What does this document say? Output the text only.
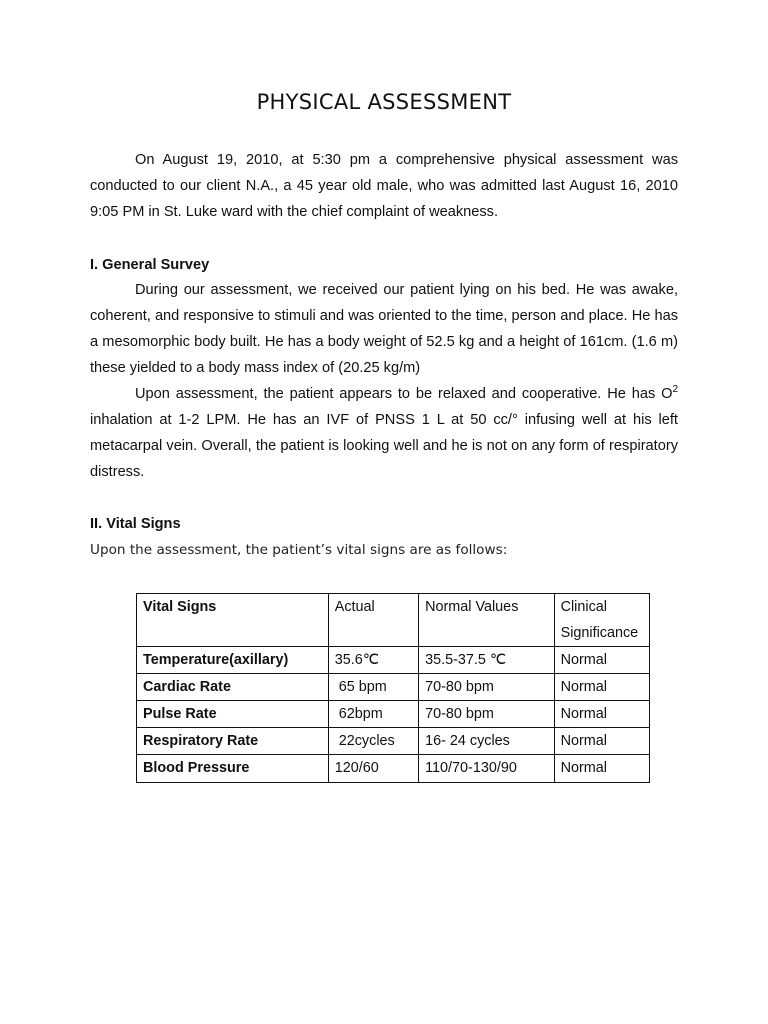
PHYSICAL ASSESSMENT

On August 19, 2010, at 5:30 pm a comprehensive physical assessment was conducted to our client N.A., a 45 year old male, who was admitted last August 16, 2010 9:05 PM in St. Luke ward with the chief complaint of weakness.

I. General Survey

During our assessment, we received our patient lying on his bed. He was awake, coherent, and responsive to stimuli and was oriented to the time, person and place. He has a mesomorphic body built. He has a body weight of 52.5 kg and a height of 161cm. (1.6 m) these yielded to a body mass index of (20.25 kg/m)

Upon assessment, the patient appears to be relaxed and cooperative. He has $O^2$ inhalation at 1-2 LPM. He has an IVF of PNSS 1 L at 50 cc/° infusing well at his left metacarpal vein. Overall, the patient is looking well and he is not on any form of respiratory distress.

II. Vital Signs

Upon the assessment, the patient’s vital signs are as follows:

Vital Signs	Actual	Normal Values	Clinical Significance
Temperature(axillary)	35.6℃	35.5-37.5 ℃	Normal
Cardiac Rate	65 bpm	70-80 bpm	Normal
Pulse Rate	62bpm	70-80 bpm	Normal
Respiratory Rate	22cycles	16- 24 cycles	Normal
Blood Pressure	120/60	110/70-130/90	Normal
